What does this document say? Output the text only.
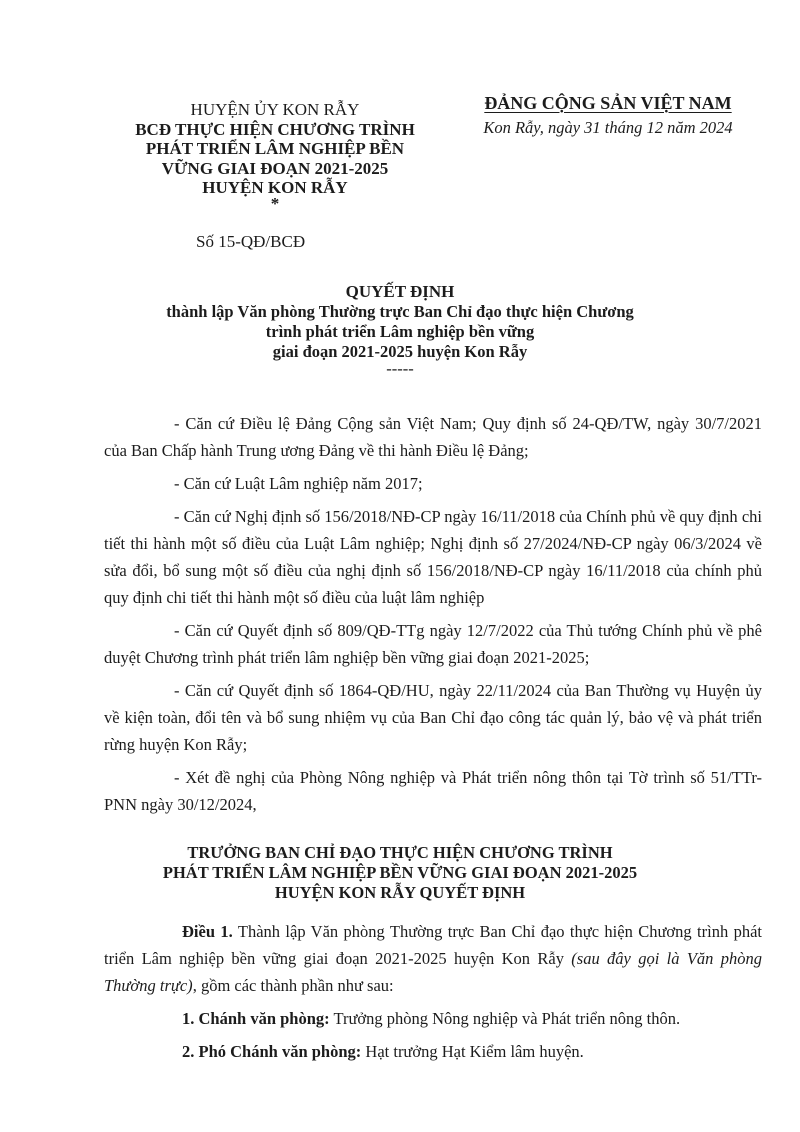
HUYỆN ỦY KON RẪY
BCĐ THỰC HIỆN CHƯƠNG TRÌNH
PHÁT TRIỂN LÂM NGHIỆP BỀN
VỮNG GIAI ĐOẠN 2021-2025
HUYỆN KON RẪY
*
ĐẢNG CỘNG SẢN VIỆT NAM
Kon Rẫy, ngày 31 tháng 12 năm 2024
Số 15-QĐ/BCĐ
QUYẾT ĐỊNH
thành lập Văn phòng Thường trực Ban Chỉ đạo thực hiện Chương
trình phát triển Lâm nghiệp bền vững
giai đoạn 2021-2025 huyện Kon Rẫy
-----

- Căn cứ Điều lệ Đảng Cộng sản Việt Nam; Quy định số 24-QĐ/TW, ngày 30/7/2021 của Ban Chấp hành Trung ương Đảng về thi hành Điều lệ Đảng;

- Căn cứ Luật Lâm nghiệp năm 2017;

- Căn cứ Nghị định số 156/2018/NĐ-CP ngày 16/11/2018 của Chính phủ về quy định chi tiết thi hành một số điều của Luật Lâm nghiệp; Nghị định số 27/2024/NĐ-CP ngày 06/3/2024 về sửa đổi, bổ sung một số điều của nghị định số 156/2018/NĐ-CP ngày 16/11/2018 của chính phủ quy định chi tiết thi hành một số điều của luật lâm nghiệp

- Căn cứ Quyết định số 809/QĐ-TTg ngày 12/7/2022 của Thủ tướng Chính phủ về phê duyệt Chương trình phát triển lâm nghiệp bền vững giai đoạn 2021-2025;

- Căn cứ Quyết định số 1864-QĐ/HU, ngày 22/11/2024 của Ban Thường vụ Huyện ủy về kiện toàn, đổi tên và bổ sung nhiệm vụ của Ban Chỉ đạo công tác quản lý, bảo vệ và phát triển rừng huyện Kon Rẫy;

- Xét đề nghị của Phòng Nông nghiệp và Phát triển nông thôn tại Tờ trình số 51/TTr-PNN ngày 30/12/2024,

TRƯỞNG BAN CHỈ ĐẠO THỰC HIỆN CHƯƠNG TRÌNH
PHÁT TRIỂN LÂM NGHIỆP BỀN VỮNG GIAI ĐOẠN 2021-2025
HUYỆN KON RẪY QUYẾT ĐỊNH

Điều 1. Thành lập Văn phòng Thường trực Ban Chỉ đạo thực hiện Chương trình phát triển Lâm nghiệp bền vững giai đoạn 2021-2025 huyện Kon Rẫy (sau đây gọi là Văn phòng Thường trực), gồm các thành phần như sau:

1. Chánh văn phòng: Trưởng phòng Nông nghiệp và Phát triển nông thôn.

2. Phó Chánh văn phòng: Hạt trưởng Hạt Kiểm lâm huyện.
